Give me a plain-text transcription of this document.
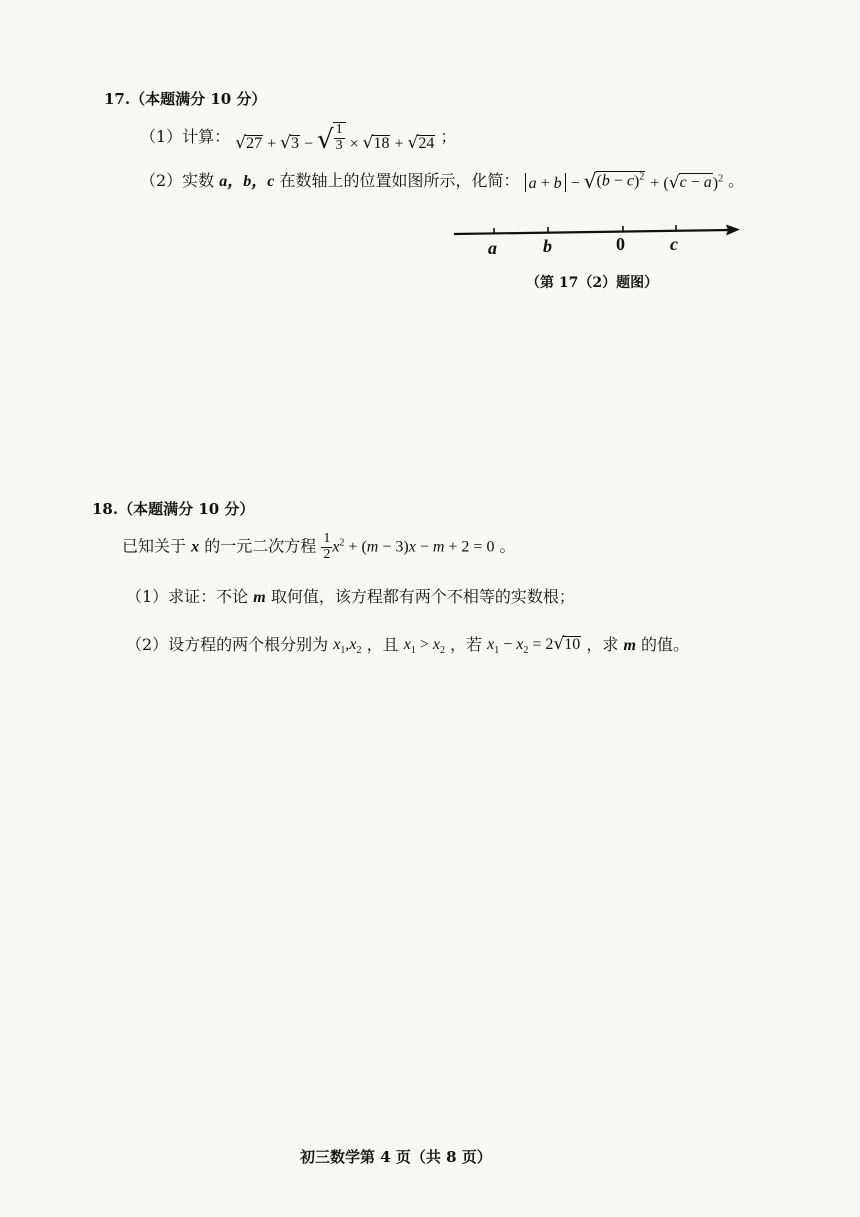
17.（本题满分 10 分）
（1）计算： √ 27 + √ 3 − √ $\frac{1}{3}$ × √ 18 + √ 24 ；
（2）实数 a，b，c 在数轴上的位置如图所示，化简： a + b − √ $(b - c)^2$ + ( √ c − a )$^2$ 。
a	b	0	c
（第 17（2）题图）
18.（本题满分 10 分）
已知关于 x 的一元二次方程 $\frac{1}{2} x^2 + (m - 3)x - m + 2 = 0$ 。
（1）求证：不论 m 取何值，该方程都有两个不相等的实数根；
（2）设方程的两个根分别为 $x_1,x_2$ ，且 $x_1 > x_2$ ，若 $x_1 - x_2 = 2$ √ 10 ，求 m 的值。
初三数学第 4 页（共 8 页）
